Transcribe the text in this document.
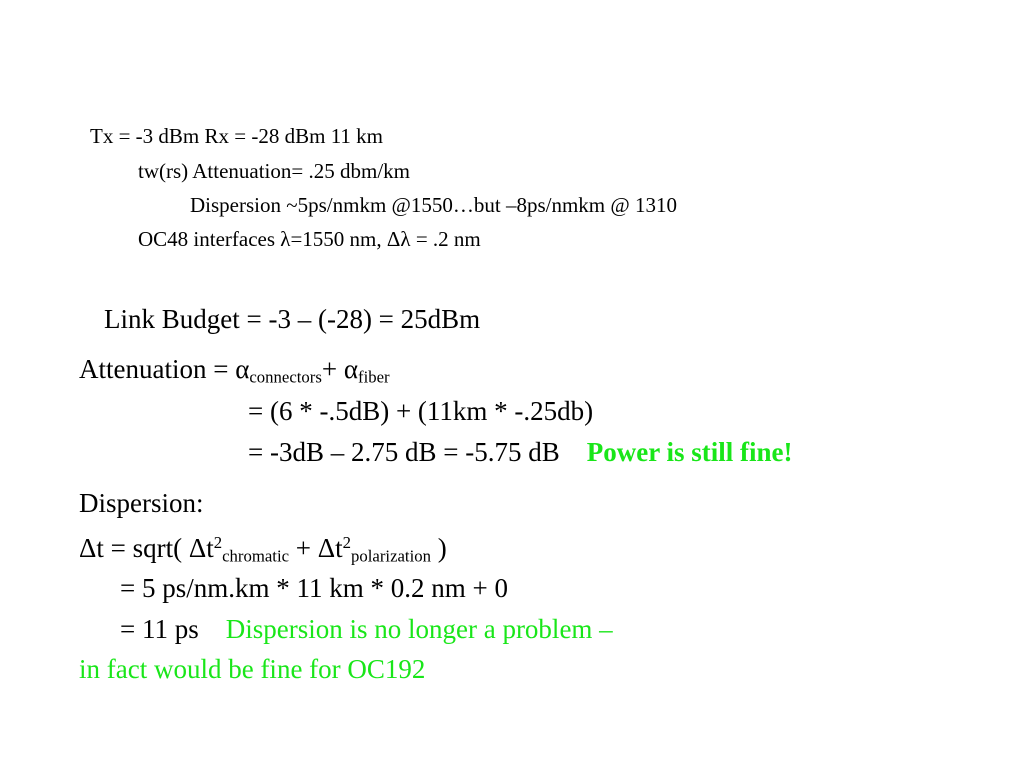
Tx = -3 dBm Rx = -28 dBm 11 km
tw(rs) Attenuation= .25 dbm/km
Dispersion ~5ps/nmkm @1550…but –8ps/nmkm @ 1310
OC48 interfaces λ=1550 nm, Δλ = .2 nm
Link Budget = -3 – (-28) = 25dBm
Attenuation = $\alpha_{connectors}+ \alpha_{fiber}$
= (6 * -.5dB) + (11km * -.25db)
= -3dB – 2.75 dB = -5.75 dB Power is still fine!
Dispersion:
Δt = sqrt( $\Delta t^2_{chromatic} + \Delta t^2_{polarization}$ )
= 5 ps/nm.km * 11 km * 0.2 nm + 0
= 11 ps Dispersion is no longer a problem –
in fact would be fine for OC192
